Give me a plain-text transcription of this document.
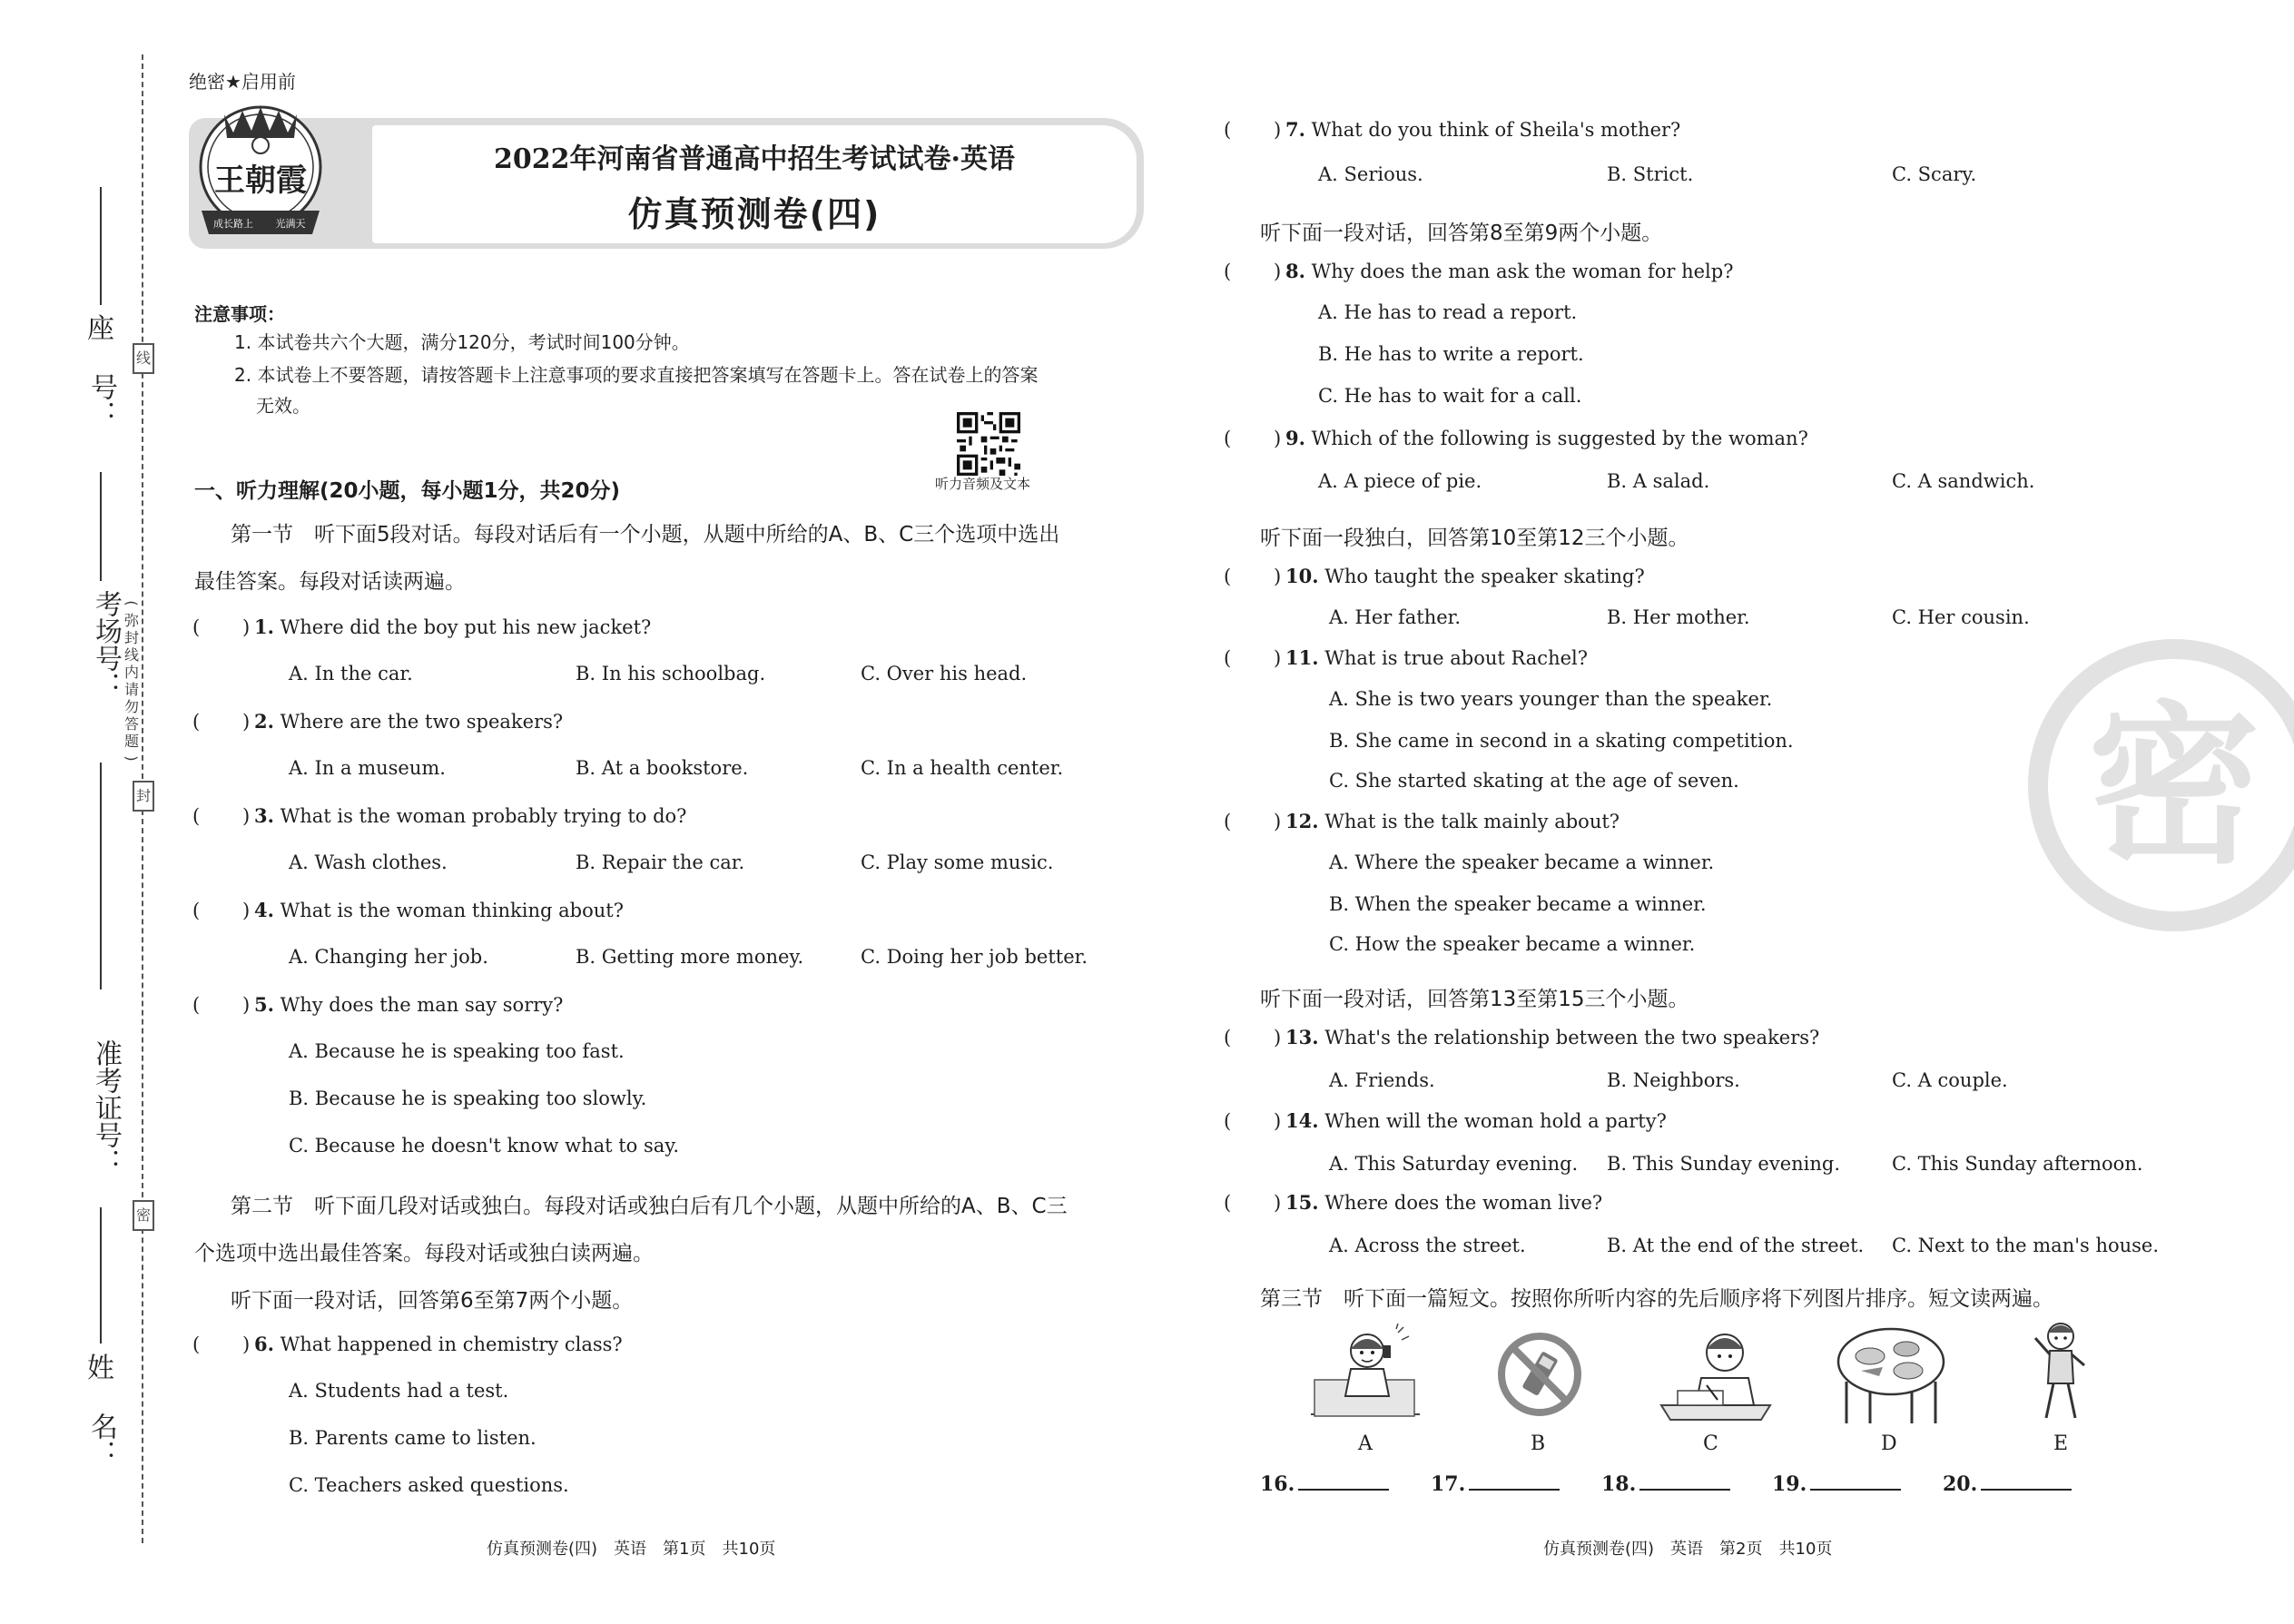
座
号：
线
考场号： (
弥
封
线
内
请
勿
答
题
)
封
准考证号：
密
姓
名：
绝密★启用前
王朝霞
成长路上 光满天
2022年河南省普通高中招生考试试卷·英语
仿真预测卷(四)
注意事项：
1. 本试卷共六个大题，满分120分，考试时间100分钟。
2. 本试卷上不要答题，请按答题卡上注意事项的要求直接把答案填写在答题卡上。答在试卷上的答案
无效。
听力音频及文本
一、听力理解(20小题，每小题1分，共20分)
第一节　听下面5段对话。每段对话后有一个小题，从题中所给的A、B、C三个选项中选出
最佳答案。每段对话读两遍。
( ) 1. Where did the boy put his new jacket?
A. In the car.	B. In his schoolbag.	C. Over his head.
( ) 2. Where are the two speakers?
A. In a museum.	B. At a bookstore.	C. In a health center.
( ) 3. What is the woman probably trying to do?
A. Wash clothes.	B. Repair the car.	C. Play some music.
( ) 4. What is the woman thinking about?
A. Changing her job.	B. Getting more money.	C. Doing her job better.
( ) 5. Why does the man say sorry?
A. Because he is speaking too fast.
B. Because he is speaking too slowly.
C. Because he doesn't know what to say.
第二节　听下面几段对话或独白。每段对话或独白后有几个小题，从题中所给的A、B、C三
个选项中选出最佳答案。每段对话或独白读两遍。
听下面一段对话，回答第6至第7两个小题。
( ) 6. What happened in chemistry class?
A. Students had a test.
B. Parents came to listen.
C. Teachers asked questions.
仿真预测卷(四)　英语　第1页　共10页
( ) 7. What do you think of Sheila's mother?
A. Serious.	B. Strict.	C. Scary.
听下面一段对话，回答第8至第9两个小题。
( ) 8. Why does the man ask the woman for help?
A. He has to read a report.
B. He has to write a report.
C. He has to wait for a call.
( ) 9. Which of the following is suggested by the woman?
A. A piece of pie.	B. A salad.	C. A sandwich.
听下面一段独白，回答第10至第12三个小题。
( ) 10. Who taught the speaker skating?
A. Her father.	B. Her mother.	C. Her cousin.
( ) 11. What is true about Rachel?
A. She is two years younger than the speaker.
B. She came in second in a skating competition.
C. She started skating at the age of seven.
( ) 12. What is the talk mainly about?
A. Where the speaker became a winner.
B. When the speaker became a winner.
C. How the speaker became a winner.
听下面一段对话，回答第13至第15三个小题。
( ) 13. What's the relationship between the two speakers?
A. Friends.	B. Neighbors.	C. A couple.
( ) 14. When will the woman hold a party?
A. This Saturday evening. B. This Sunday evening.	C. This Sunday afternoon.
( ) 15. Where does the woman live?
A. Across the street.	B. At the end of the street. C. Next to the man's house.
第三节　听下面一篇短文。按照你所听内容的先后顺序将下列图片排序。短文读两遍。
A	B	C	D	E
16.	17.	18.	19.	20.
仿真预测卷(四)　英语　第2页　共10页
密
